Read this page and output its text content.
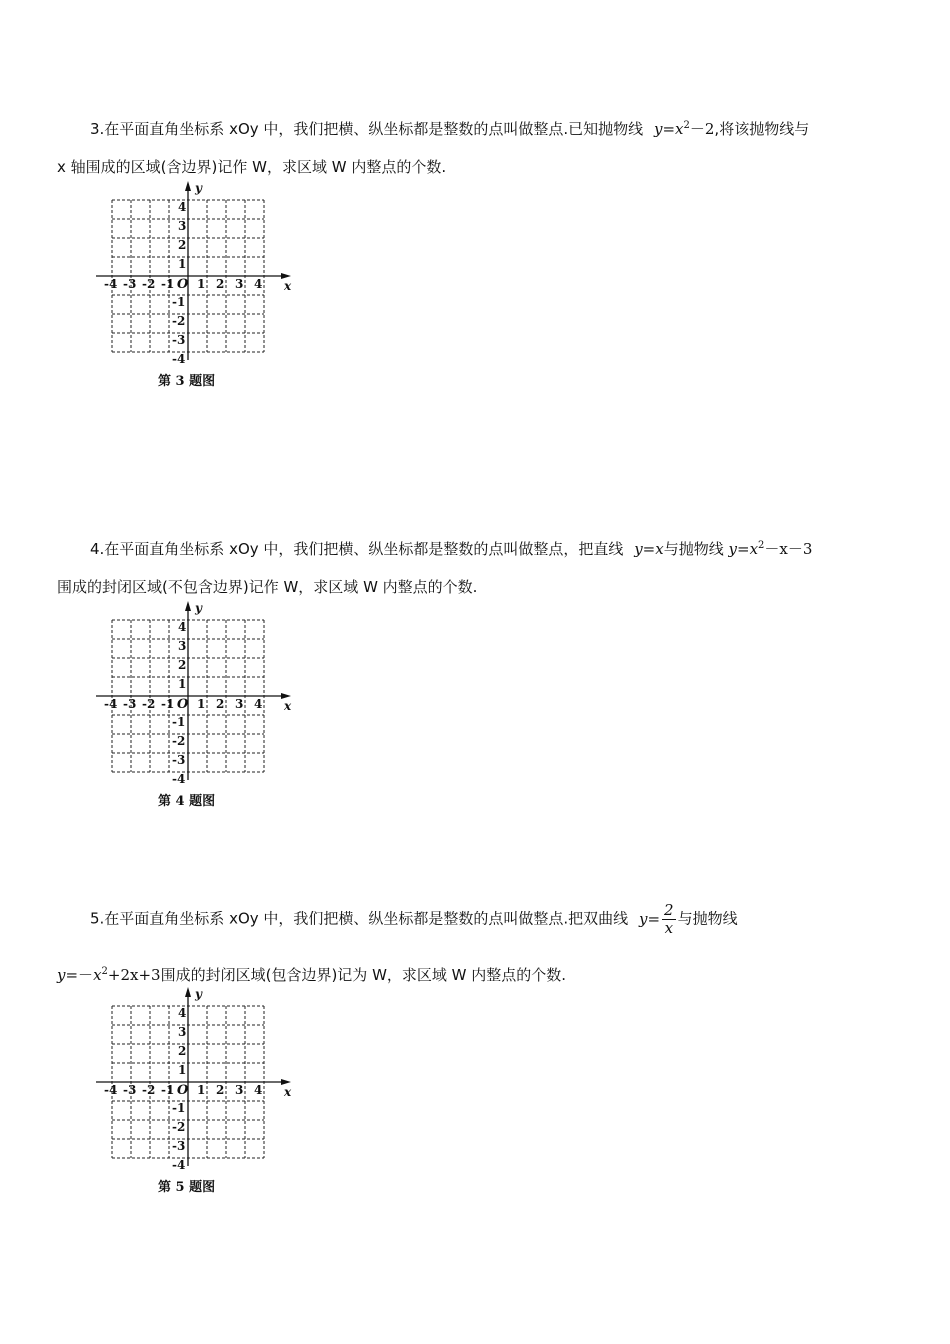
3.在平面直角坐标系 xOy 中，我们把横、纵坐标都是整数的点叫做整点.已知抛物线 $y=x^2-2$,将该抛物线与
x 轴围成的区域(含边界)记作 W，求区域 W 内整点的个数.
x
y
O
-4 -3 -2 -1 1 2 3 4
4
3
2
1
-1
-2
-3
-4
第 3 题图
4.在平面直角坐标系 xOy 中，我们把横、纵坐标都是整数的点叫做整点，把直线 y=x与抛物线 $y=x^2-x-3$
围成的封闭区域(不包含边界)记作 W，求区域 W 内整点的个数.
x
y
O
-4 -3 -2 -1 1 2 3 4
4
3
2
1
-1
-2
-3
-4
第 4 题图
5.在平面直角坐标系 xOy 中，我们把横、纵坐标都是整数的点叫做整点.把双曲线 $y= \frac{2}{x}$ 与抛物线
$y=-x^2+2x+3$围成的封闭区域(包含边界)记为 W，求区域 W 内整点的个数.
x
y
O
-4 -3 -2 -1 1 2 3 4
4
3
2
1
-1
-2
-3
-4
第 5 题图
